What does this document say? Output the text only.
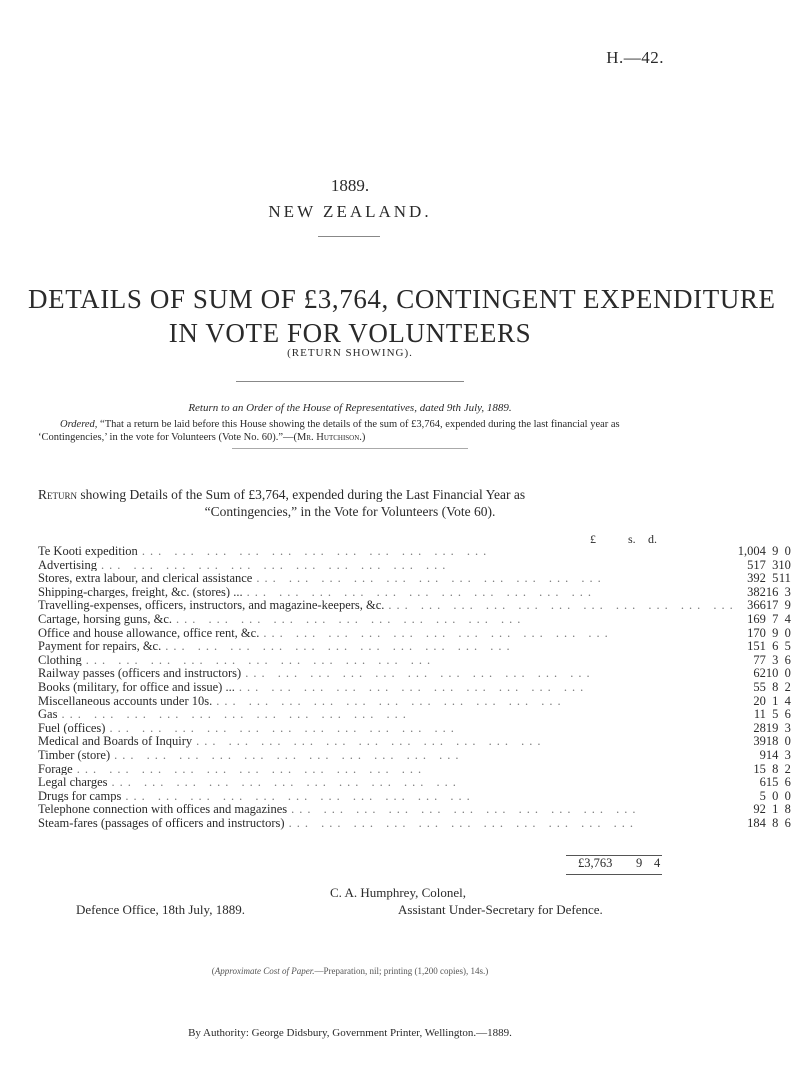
H.—42.
1889.
NEW ZEALAND.
DETAILS OF SUM OF £3,764, CONTINGENT EXPENDITURE
IN VOTE FOR VOLUNTEERS
(RETURN SHOWING).
Return to an Order of the House of Representatives, dated 9th July, 1889.
Ordered, “That a return be laid before this House showing the details of the sum of £3,764, expended during the last financial year as ‘Contingencies,’ in the vote for Volunteers (Vote No. 60).”—(Mr. Hutchison.)
Return showing Details of the Sum of £3,764, expended during the Last Financial Year as
“Contingencies,” in the Vote for Volunteers (Vote 60).
£	s. d.
Te Kooti expedition ... ... ... ... ... ... ... ... ... ... ...	1,004	9	0
Advertising ... ... ... ... ... ... ... ... ... ... ...	517	3	10
Stores, extra labour, and clerical assistance ... ... ... ... ... ... ... ... ... ... ...	392	5	11
Shipping-charges, freight, &c. (stores) ... ... ... ... ... ... ... ... ... ... ... ...	382	16	3
Travelling-expenses, officers, instructors, and magazine-keepers, &c. ... ... ... ... ... ... ... ... ... ... ...	366	17	9
Cartage, horsing guns, &c. ... ... ... ... ... ... ... ... ... ... ...	169	7	4
Office and house allowance, office rent, &c. ... ... ... ... ... ... ... ... ... ... ...	170	9	0
Payment for repairs, &c. ... ... ... ... ... ... ... ... ... ... ...	151	6	5
Clothing ... ... ... ... ... ... ... ... ... ... ...	77	3	6
Railway passes (officers and instructors) ... ... ... ... ... ... ... ... ... ... ...	62	10	0
Books (military, for office and issue) ... ... ... ... ... ... ... ... ... ... ... ...	55	8	2
Miscellaneous accounts under 10s. ... ... ... ... ... ... ... ... ... ... ...	20	1	4
Gas ... ... ... ... ... ... ... ... ... ... ...	11	5	6
Fuel (offices) ... ... ... ... ... ... ... ... ... ... ...	28	19	3
Medical and Boards of Inquiry ... ... ... ... ... ... ... ... ... ... ...	39	18	0
Timber (store) ... ... ... ... ... ... ... ... ... ... ...	9	14	3
Forage ... ... ... ... ... ... ... ... ... ... ...	15	8	2
Legal charges ... ... ... ... ... ... ... ... ... ... ...	6	15	6
Drugs for camps ... ... ... ... ... ... ... ... ... ... ...	5	0	0
Telephone connection with offices and magazines ... ... ... ... ... ... ... ... ... ... ...	92	1	8
Steam-fares (passages of officers and instructors) ... ... ... ... ... ... ... ... ... ... ...	184	8	6
£3,763 9 4
C. A. Humphrey, Colonel,
Defence Office, 18th July, 1889.	Assistant Under-Secretary for Defence.
(Approximate Cost of Paper.—Preparation, nil; printing (1,200 copies), 14s.)
By Authority: George Didsbury, Government Printer, Wellington.—1889.
